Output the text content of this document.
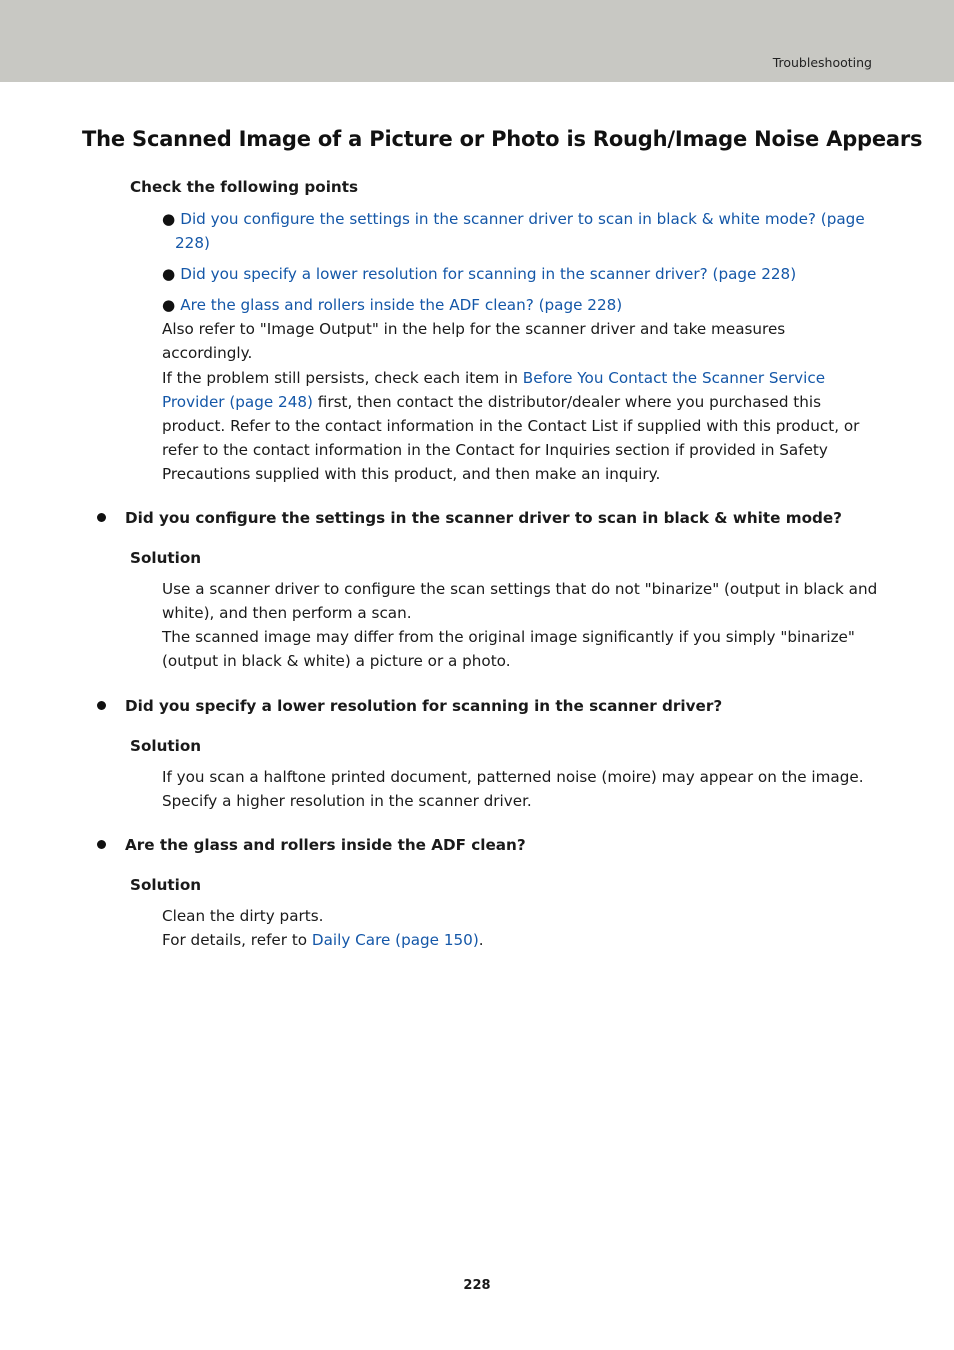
Troubleshooting
The Scanned Image of a Picture or Photo is Rough/Image Noise Appears
Check the following points
● Did you configure the settings in the scanner driver to scan in black & white mode? (page
228)
● Did you specify a lower resolution for scanning in the scanner driver? (page 228)
● Are the glass and rollers inside the ADF clean? (page 228)
Also refer to "Image Output" in the help for the scanner driver and take measures
accordingly.
If the problem still persists, check each item in Before You Contact the Scanner Service
Provider (page 248) first, then contact the distributor/dealer where you purchased this
product. Refer to the contact information in the Contact List if supplied with this product, or
refer to the contact information in the Contact for Inquiries section if provided in Safety
Precautions supplied with this product, and then make an inquiry.
Did you configure the settings in the scanner driver to scan in black & white mode?
Solution
Use a scanner driver to configure the scan settings that do not "binarize" (output in black and
white), and then perform a scan.
The scanned image may differ from the original image significantly if you simply "binarize"
(output in black & white) a picture or a photo.
Did you specify a lower resolution for scanning in the scanner driver?
Solution
If you scan a halftone printed document, patterned noise (moire) may appear on the image.
Specify a higher resolution in the scanner driver.
Are the glass and rollers inside the ADF clean?
Solution
Clean the dirty parts.
For details, refer to Daily Care (page 150).
228
